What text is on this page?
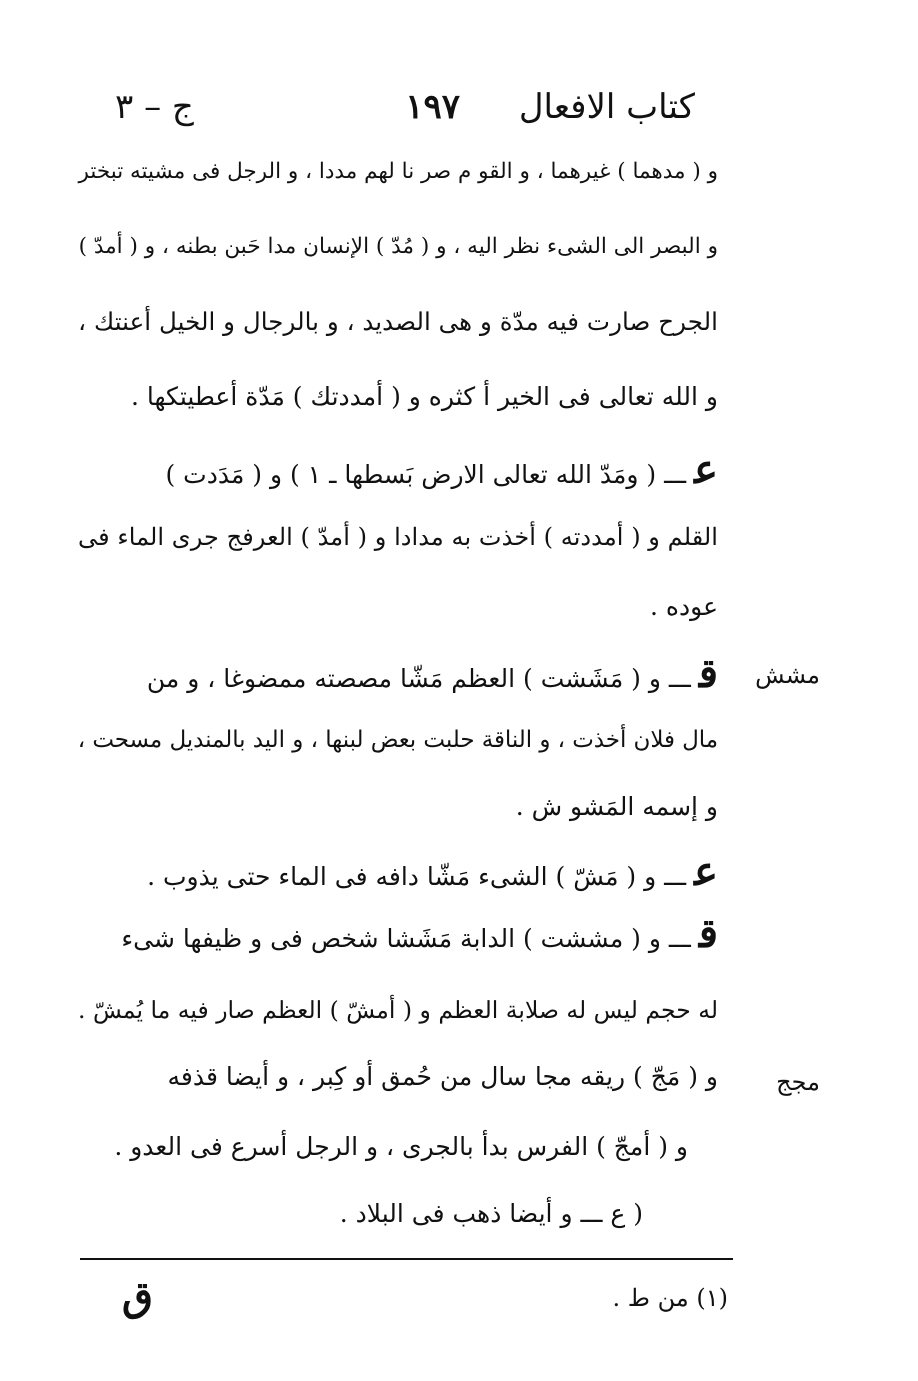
كتاب الافعال
١٩٧
ج – ٣
و ( مدهما ) غيرهما ، و القو م صر نا لهم مددا ، و الرجل فى مشيته تبختر
و البصر الى الشىء نظر اليه ، و ( مُدّ ) الإنسان مدا حَبن بطنه ، و ( أمدّ )
الجرح صارت فيه مدّة و هى الصديد ، و بالرجال و الخيل أعنتك ،
و الله تعالى فى الخير أ كثره و ( أمددتك ) مَدّة أعطيتكها .
عـــ ( ومَدّ الله تعالى الارض بَسطها ـ ١ ) و ( مَدَدت )
القلم و ( أمددته ) أخذت به مدادا و ( أمدّ ) العرفج جرى الماء فى
عوده .
قـــ و ( مَشَشت ) العظم مَشّا مصصته ممضوغا ، و من
مال فلان أخذت ، و الناقة حلبت بعض لبنها ، و اليد بالمنديل مسحت ،
و إسمه المَشو ش .
عـــ و ( مَشّ ) الشىء مَشّا دافه فى الماء حتى يذوب .
قـــ و ( مششت ) الدابة مَشَشا شخص فى و ظيفها شىء
له حجم ليس له صلابة العظم و ( أمشّ ) العظم صار فيه ما يُمشّ .
و ( مَجّ ) ريقه مجا سال من حُمق أو كِبر ، و أيضا قذفه
و ( أمجّ ) الفرس بدأ بالجرى ، و الرجل أسرع فى العدو .
( ع ـــ و أيضا ذهب فى البلاد .
مشش
مجج
(١) من ط .
ق
